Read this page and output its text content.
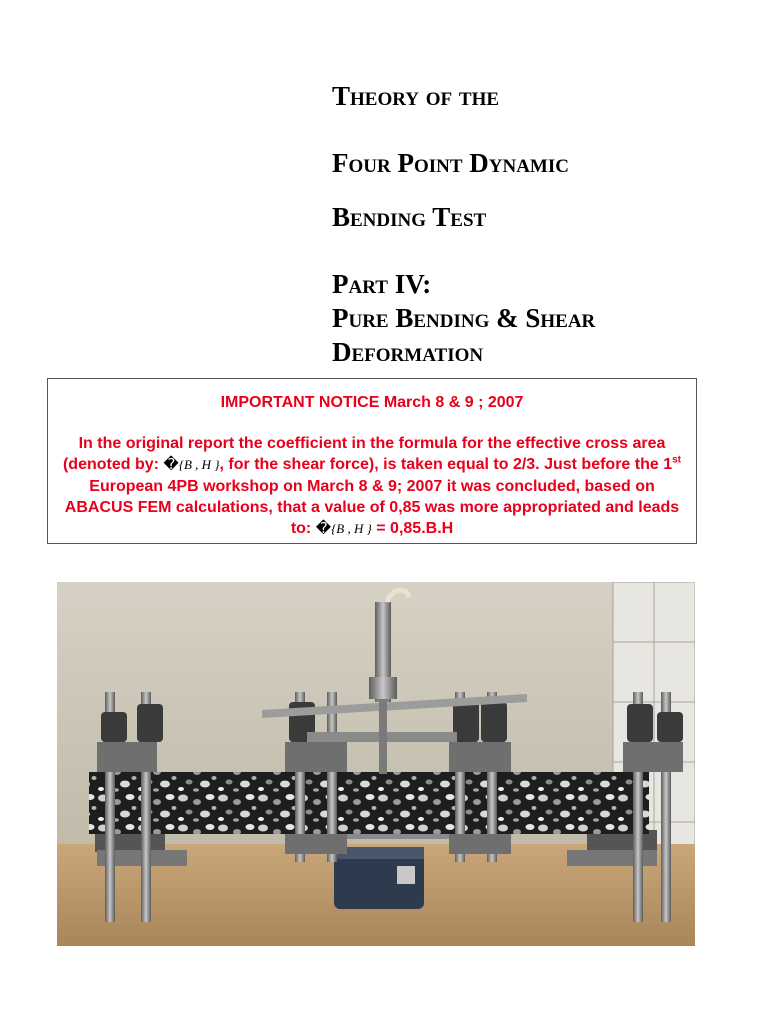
Theory of the
Four Point Dynamic
Bending Test
Part IV:
Pure Bending & Shear
Deformation
IMPORTANT NOTICE March 8 & 9 ; 2007
In the original report the coefficient in the formula for the effective cross area (denoted by: �{B , H }, for the shear force), is taken equal to 2/3. Just before the 1st European 4PB workshop on March 8 & 9; 2007 it was concluded, based on ABACUS FEM calculations, that a value of 0,85 was more appropriated and leads to: �{B , H } = 0,85.B.H
